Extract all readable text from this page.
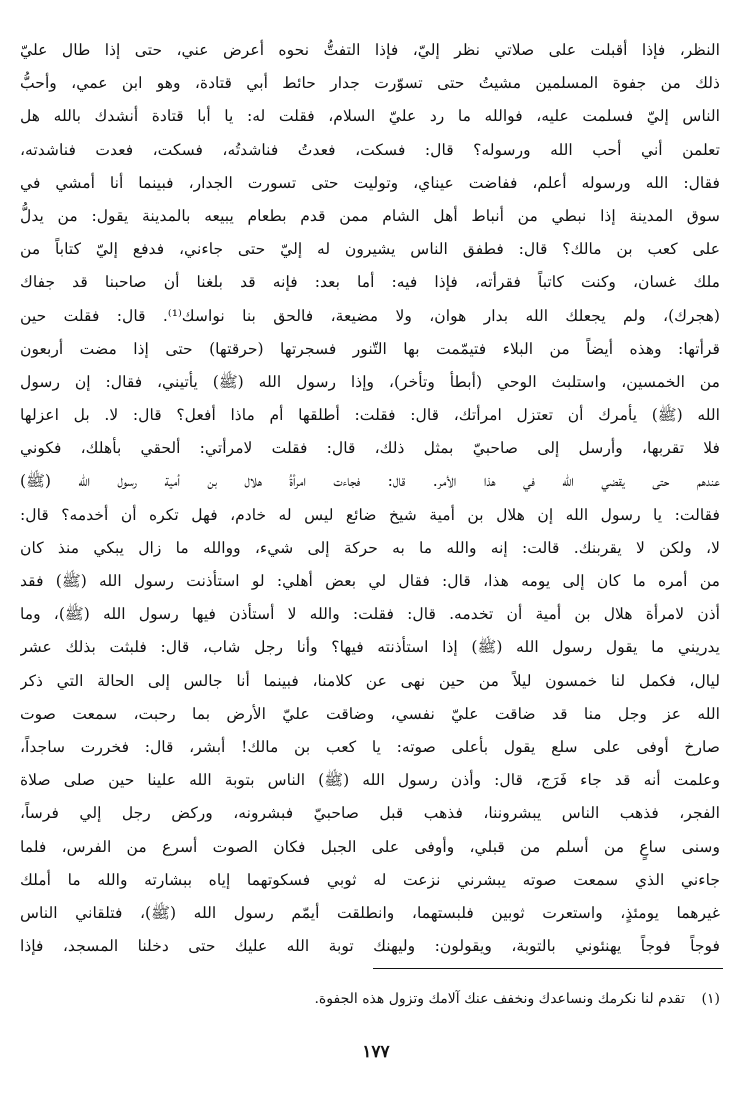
النظر، فإذا أقبلت على صلاتي نظر إليّ، فإذا التفتُّ نحوه أعرض عني، حتى إذا طال عليّ
ذلك من جفوة المسلمين مشيتُ حتى تسوّرت جدار حائط أبي قتادة، وهو ابن عمي، وأحبُّ
الناس إليّ فسلمت عليه، فوالله ما رد عليّ السلام، فقلت له: يا أبا قتادة أنشدك بالله هل
تعلمن أني أحب الله ورسوله؟ قال: فسكت، فعدتُ فناشدتُه، فسكت، فعدت فناشدته،
فقال: الله ورسوله أعلم، ففاضت عيناي، وتوليت حتى تسورت الجدار، فبينما أنا أمشي في
سوق المدينة إذا نبطي من أنباط أهل الشام ممن قدم بطعام يبيعه بالمدينة يقول: من يدلُّ
على كعب بن مالك؟ قال: فطفق الناس يشيرون له إليّ حتى جاءني، فدفع إليّ كتاباً من
ملك غسان، وكنت كاتباً فقرأته، فإذا فيه: أما بعد: فإنه قد بلغنا أن صاحبنا قد جفاك
(هجرك)، ولم يجعلك الله بدار هوان، ولا مضيعة، فالحق بنا نواسك⁽¹⁾. قال: فقلت حين
قرأتها: وهذه أيضاً من البلاء فتيمّمت بها التّنور فسجرتها (حرقتها) حتى إذا مضت أربعون
من الخمسين، واستلبث الوحي (أبطأ وتأخر)، وإذا رسول الله (ﷺ) يأتيني، فقال: إن رسول
الله (ﷺ) يأمرك أن تعتزل امرأتك، قال: فقلت: أطلقها أم ماذا أفعل؟ قال: لا. بل اعزلها
فلا تقربها، وأرسل إلى صاحبيّ بمثل ذلك، قال: فقلت لامرأتي: ألحقي بأهلك، فكوني
عندهم حتى يقضي الله في هذا الأمر. قال: فجاءت امرأةُ هلال بن أمية رسول الله (ﷺ)
فقالت: يا رسول الله إن هلال بن أمية شيخ ضائع ليس له خادم، فهل تكره أن أخدمه؟ قال:
لا، ولكن لا يقربنك. قالت: إنه والله ما به حركة إلى شيء، ووالله ما زال يبكي منذ كان
من أمره ما كان إلى يومه هذا، قال: فقال لي بعض أهلي: لو استأذنت رسول الله (ﷺ) فقد
أذن لامرأة هلال بن أمية أن تخدمه. قال: فقلت: والله لا أستأذن فيها رسول الله (ﷺ)، وما
يدريني ما يقول رسول الله (ﷺ) إذا استأذنته فيها؟ وأنا رجل شاب، قال: فلبثت بذلك عشر
ليال، فكمل لنا خمسون ليلاً من حين نهى عن كلامنا، فبينما أنا جالس إلى الحالة التي ذكر
الله عز وجل منا قد ضاقت عليّ نفسي، وضاقت عليّ الأرض بما رحبت، سمعت صوت
صارخ أوفى على سلع يقول بأعلى صوته: يا كعب بن مالك! أبشر، قال: فخررت ساجداً،
وعلمت أنه قد جاء فَرَج، قال: وأذن رسول الله (ﷺ) الناس بتوبة الله علينا حين صلى صلاة
الفجر، فذهب الناس يبشروننا، فذهب قبل صاحبيّ فبشرونه، وركض رجل إلي فرساً،
وسنى ساعٍ من أسلم من قبلي، وأوفى على الجبل فكان الصوت أسرع من الفرس، فلما
جاءني الذي سمعت صوته يبشرني نزعت له ثوبي فسكوتهما إياه ببشارته والله ما أملك
غيرهما يومئذٍ، واستعرت ثوبين فلبستهما، وانطلقت أيمّم رسول الله (ﷺ)، فتلقاني الناس
فوجاً فوجاً يهنئوني بالتوبة، ويقولون: وليهنك توبة الله عليك حتى دخلنا المسجد، فإذا
(١) تقدم لنا نكرمك ونساعدك ونخفف عنك آلامك وتزول هذه الجفوة.
١٧٧
